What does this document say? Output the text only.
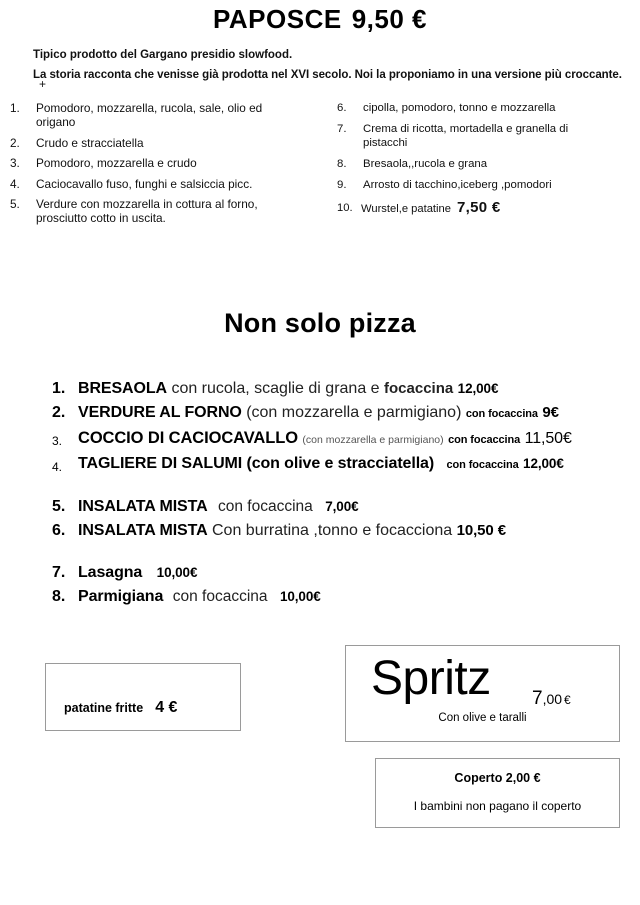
PAPOSCE 9,50 €
Tipico prodotto del Gargano presidio slowfood.
La storia racconta che venisse già prodotta nel XVI secolo. Noi la proponiamo in una versione più croccante.
+
1.	Pomodoro, mozzarella, rucola, sale, olio ed
origano
2.	Crudo e stracciatella
3.	Pomodoro, mozzarella e crudo
4.	Caciocavallo fuso, funghi e salsiccia picc.
5.	Verdure con mozzarella in cottura al forno,
prosciutto cotto in uscita.
6.	cipolla, pomodoro, tonno e mozzarella
7.	Crema di ricotta, mortadella e granella di
pistacchi
8.	Bresaola,,rucola e grana
9.	Arrosto di tacchino,iceberg ,pomodori
10. Wurstel,e patatine 7,50 €
Non solo pizza
1. BRESAOLA con rucola, scaglie di grana e focaccina 12,00€
2. VERDURE AL FORNO (con mozzarella e parmigiano) con focaccina 9€
3. COCCIO DI CACIOCAVALLO (con mozzarella e parmigiano) con focaccina 11,50€
4. TAGLIERE DI SALUMI (con olive e stracciatella) con focaccina 12,00€
5. INSALATA MISTA con focaccina 7,00€
6. INSALATA MISTA Con burratina ,tonno e focacciona 10,50 €
7. Lasagna 10,00€
8. Parmigiana con focaccina 10,00€
patatine fritte 4 €
Spritz 7,00 €
Con olive e taralli
Coperto 2,00 €
I bambini non pagano il coperto
